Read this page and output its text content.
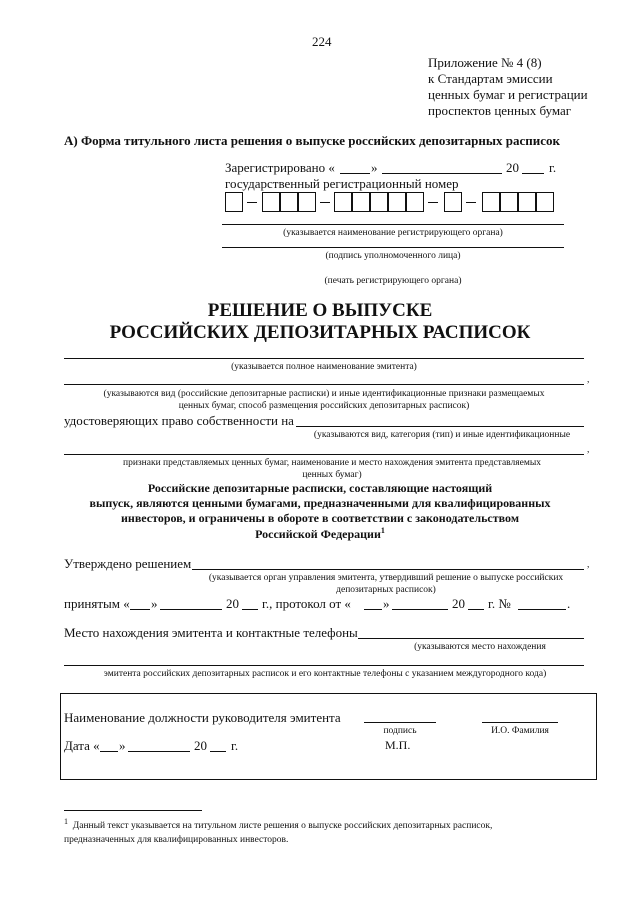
224
Приложение № 4 (8)
к Стандартам эмиссии
ценных бумаг и регистрации
проспектов ценных бумаг
А) Форма титульного листа решения о выпуске российских депозитарных расписок
Зарегистрировано «	»	20 г.
государственный регистрационный номер
(указывается наименование регистрирующего органа)
(подпись уполномоченного лица)
(печать регистрирующего органа)
РЕШЕНИЕ О ВЫПУСКЕ
РОССИЙСКИХ ДЕПОЗИТАРНЫХ РАСПИСОК
(указывается полное наименование эмитента)
,
(указываются вид (российские депозитарные расписки) и иные идентификационные признаки размещаемых
ценных бумаг, способ размещения российских депозитарных расписок)
удостоверяющих право собственности на
(указываются вид, категория (тип) и иные идентификационные
,
признаки представляемых ценных бумаг, наименование и место нахождения эмитента представляемых
ценных бумаг)
Российские депозитарные расписки, составляющие настоящий
выпуск, являются ценными бумагами, предназначенными для квалифицированных
инвесторов, и ограничены в обороте в соответствии с законодательством
Российской Федерации$^1$
Утверждено решением	,
(указывается орган управления эмитента, утвердивший решение о выпуске российских
депозитарных расписок)
принятым « »	20 г., протокол от « »	20 г. №	.
Место нахождения эмитента и контактные телефоны
(указываются место нахождения
эмитента российских депозитарных расписок и его контактные телефоны с указанием междугородного кода)
Наименование должности руководителя эмитента
подпись	И.О. Фамилия
Дата « »	20 г.	М.П.
$^1$ Данный текст указывается на титульном листе решения о выпуске российских депозитарных расписок,
предназначенных для квалифицированных инвесторов.
